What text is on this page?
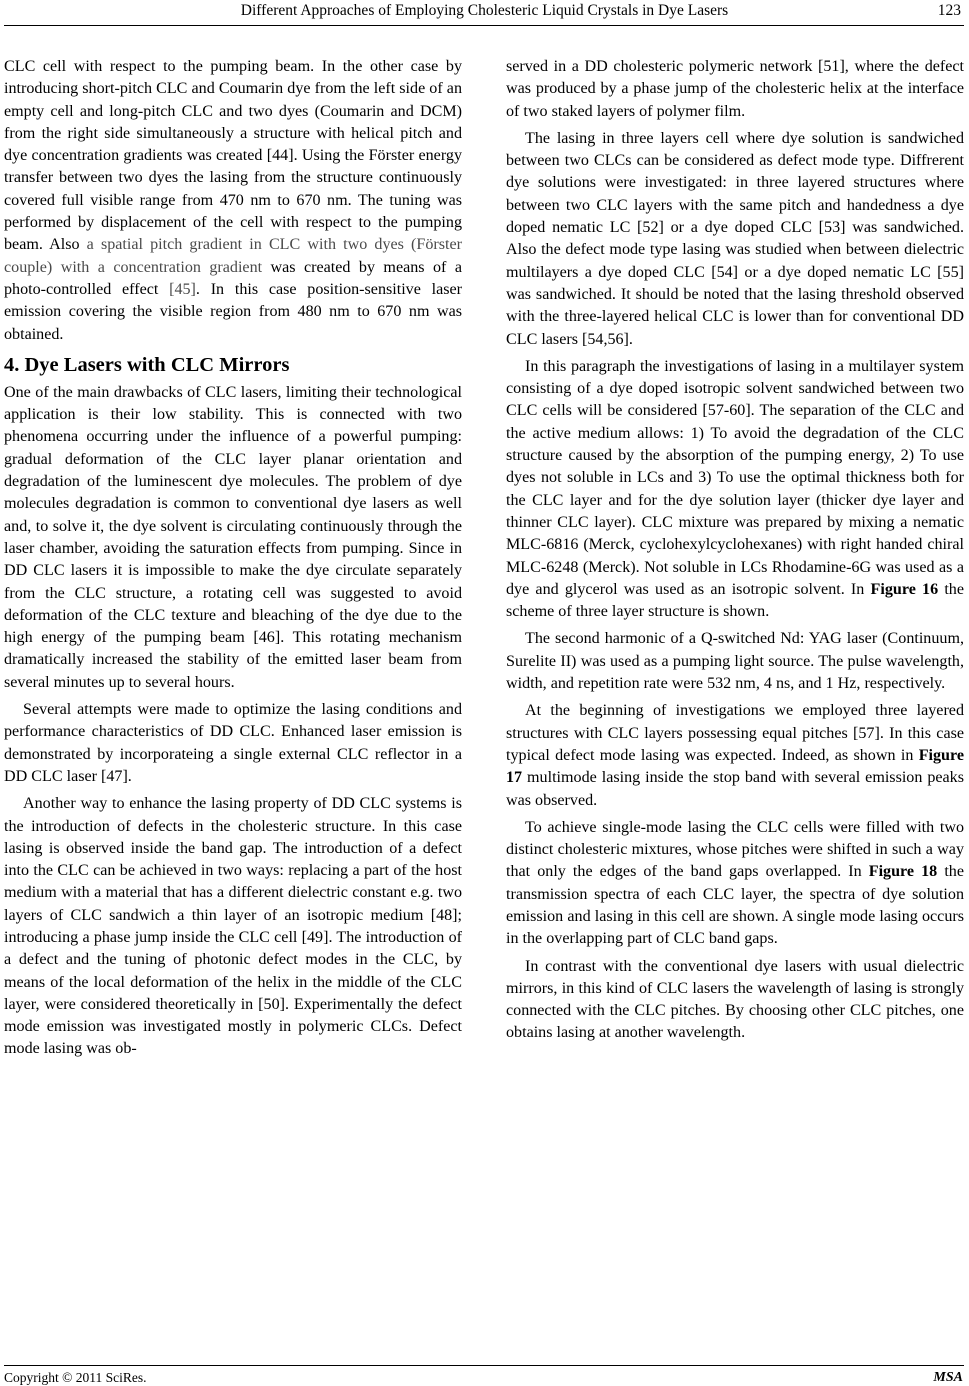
Different Approaches of Employing Cholesteric Liquid Crystals in Dye Lasers	123

CLC cell with respect to the pumping beam. In the other case by introducing short-pitch CLC and Coumarin dye from the left side of an empty cell and long-pitch CLC and two dyes (Coumarin and DCM) from the right side simultaneously a structure with helical pitch and dye concentration gradients was created [44]. Using the Förster energy transfer between two dyes the lasing from the structure continuously covered full visible range from 470 nm to 670 nm. The tuning was performed by displacement of the cell with respect to the pumping beam. Also a spatial pitch gradient in CLC with two dyes (Förster couple) with a concentration gradient was created by means of a photo-controlled effect [45]. In this case position-sensitive laser emission covering the visible region from 480 nm to 670 nm was obtained.

4. Dye Lasers with CLC Mirrors

One of the main drawbacks of CLC lasers, limiting their technological application is their low stability. This is connected with two phenomena occurring under the influence of a powerful pumping: gradual deformation of the CLC layer planar orientation and degradation of the luminescent dye molecules. The problem of dye molecules degradation is common to conventional dye lasers as well and, to solve it, the dye solvent is circulating continuously through the laser chamber, avoiding the saturation effects from pumping. Since in DD CLC lasers it is impossible to make the dye circulate separately from the CLC structure, a rotating cell was suggested to avoid deformation of the CLC texture and bleaching of the dye due to the high energy of the pumping beam [46]. This rotating mechanism dramatically increased the stability of the emitted laser beam from several minutes up to several hours.

Several attempts were made to optimize the lasing conditions and performance characteristics of DD CLC. Enhanced laser emission is demonstrated by incorporateing a single external CLC reflector in a DD CLC laser [47].

Another way to enhance the lasing property of DD CLC systems is the introduction of defects in the cholesteric structure. In this case lasing is observed inside the band gap. The introduction of a defect into the CLC can be achieved in two ways: replacing a part of the host medium with a material that has a different dielectric constant e.g. two layers of CLC sandwich a thin layer of an isotropic medium [48]; introducing a phase jump inside the CLC cell [49]. The introduction of a defect and the tuning of photonic defect modes in the CLC, by means of the local deformation of the helix in the middle of the CLC layer, were considered theoretically in [50]. Experimentally the defect mode emission was investigated mostly in polymeric CLCs. Defect mode lasing was ob-

served in a DD cholesteric polymeric network [51], where the defect was produced by a phase jump of the cholesteric helix at the interface of two staked layers of polymer film.

The lasing in three layers cell where dye solution is sandwiched between two CLCs can be considered as defect mode type. Diffrerent dye solutions were investigated: in three layered structures where between two CLC layers with the same pitch and handedness a dye doped nematic LC [52] or a dye doped CLC [53] was sandwiched. Also the defect mode type lasing was studied when between dielectric multilayers a dye doped CLC [54] or a dye doped nematic LC [55] was sandwiched. It should be noted that the lasing threshold observed with the three-layered helical CLC is lower than for conventional DD CLC lasers [54,56].

In this paragraph the investigations of lasing in a multilayer system consisting of a dye doped isotropic solvent sandwiched between two CLC cells will be considered [57-60]. The separation of the CLC and the active medium allows: 1) To avoid the degradation of the CLC structure caused by the absorption of the pumping energy, 2) To use dyes not soluble in LCs and 3) To use the optimal thickness both for the CLC layer and for the dye solution layer (thicker dye layer and thinner CLC layer). CLC mixture was prepared by mixing a nematic MLC-6816 (Merck, cyclohexylcyclohexanes) with right handed chiral MLC-6248 (Merck). Not soluble in LCs Rhodamine-6G was used as a dye and glycerol was used as an isotropic solvent. In Figure 16 the scheme of three layer structure is shown.

The second harmonic of a Q-switched Nd: YAG laser (Continuum, Surelite II) was used as a pumping light source. The pulse wavelength, width, and repetition rate were 532 nm, 4 ns, and 1 Hz, respectively.

At the beginning of investigations we employed three layered structures with CLC layers possessing equal pitches [57]. In this case typical defect mode lasing was expected. Indeed, as shown in Figure 17 multimode lasing inside the stop band with several emission peaks was observed.

To achieve single-mode lasing the CLC cells were filled with two distinct cholesteric mixtures, whose pitches were shifted in such a way that only the edges of the band gaps overlapped. In Figure 18 the transmission spectra of each CLC layer, the spectra of dye solution emission and lasing in this cell are shown. A single mode lasing occurs in the overlapping part of CLC band gaps.

In contrast with the conventional dye lasers with usual dielectric mirrors, in this kind of CLC lasers the wavelength of lasing is strongly connected with the CLC pitches. By choosing other CLC pitches, one obtains lasing at another wavelength.

Copyright © 2011 SciRes.	MSA
